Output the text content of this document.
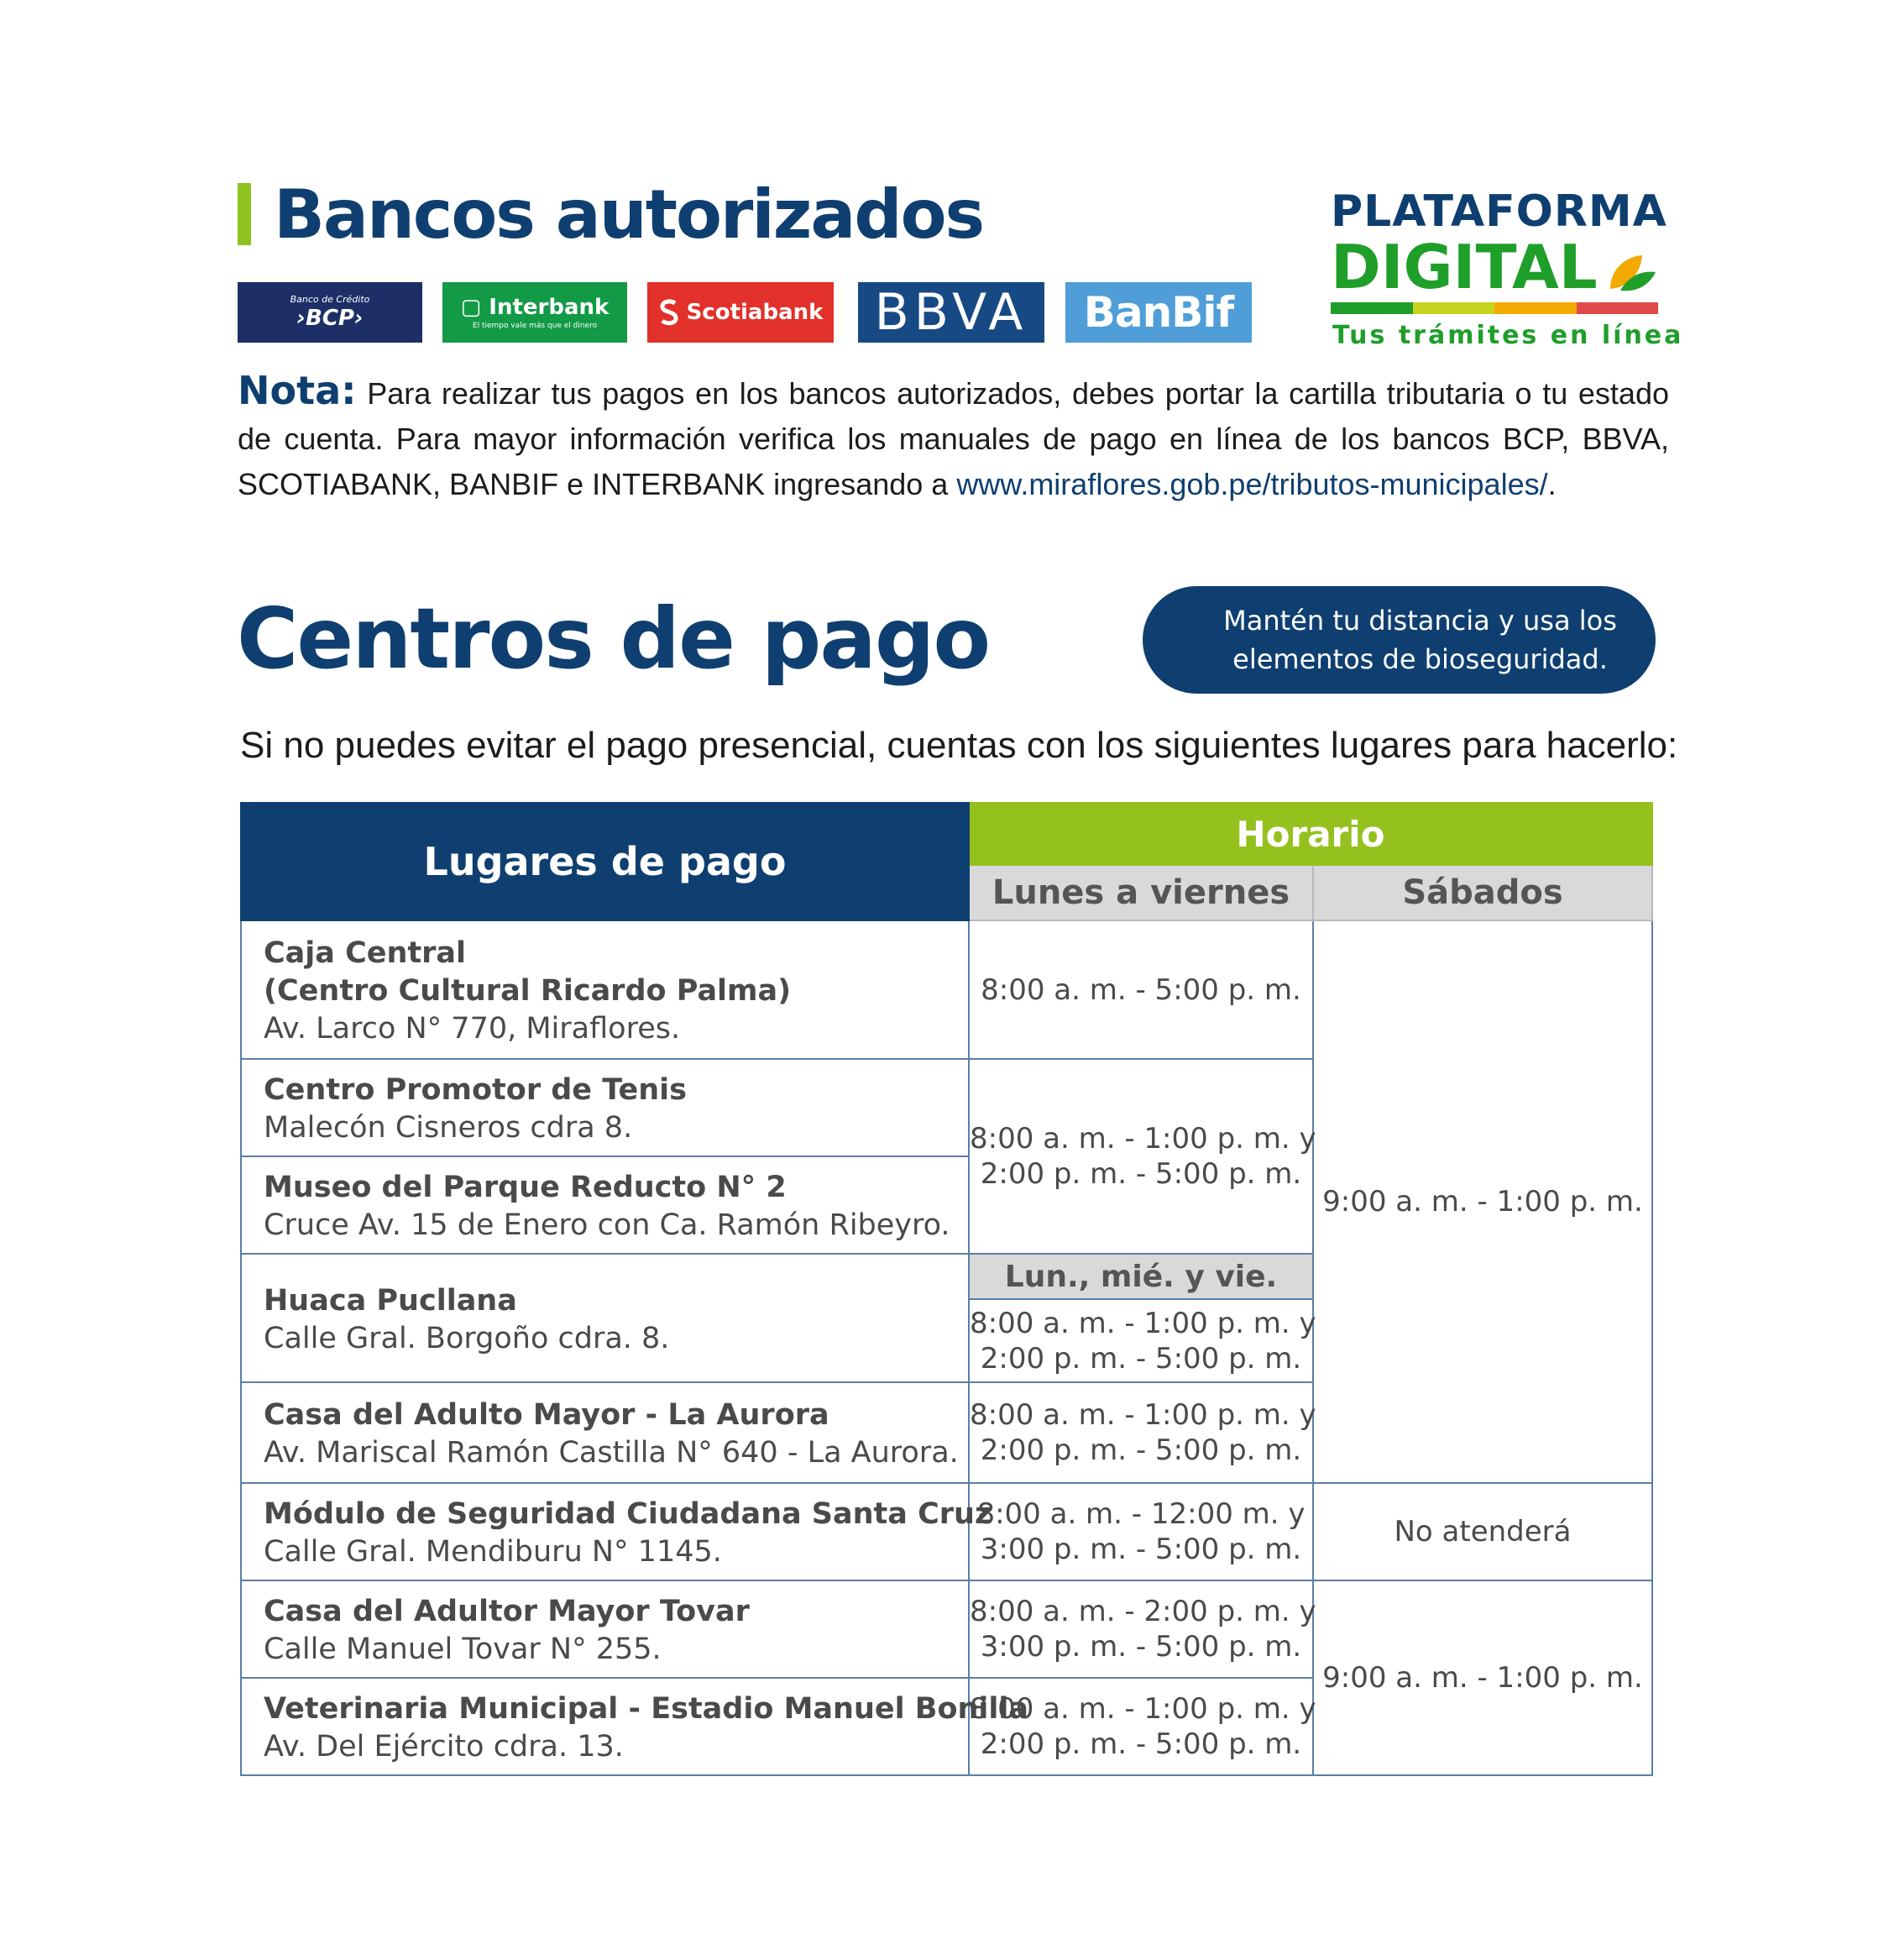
Bancos autorizados	PLATAFORMA
DIGITAL
Tus trámites en línea
Banco de Crédito
›BCP›	▢ Interbank
El tiempo vale más que el dinero
Scotiabank	BBVA	BanBif

Nota: Para realizar tus pagos en los bancos autorizados, debes portar la cartilla tributaria o tu estado de cuenta. Para mayor información verifica los manuales de pago en línea de los bancos BCP, BBVA, SCOTIABANK, BANBIF e INTERBANK ingresando a www.miraflores.gob.pe/tributos-municipales/.

Centros de pago	Mantén tu distancia y usa los elementos de bioseguridad.

Si no puedes evitar el pago presencial, cuentas con los siguientes lugares para hacerlo:

Lugares de pago	Horario	
	Lunes a viernes	Sábados

Caja Central
(Centro Cultural Ricardo Palma)
Av. Larco N° 770, Miraflores.	8:00 a. m. - 5:00 p. m.	9:00 a. m. - 1:00 p. m.

Centro Promotor de Tenis
Malecón Cisneros cdra 8.	8:00 a. m. - 1:00 p. m. y
2:00 p. m. - 5:00 p. m.	

Museo del Parque Reducto N° 2
Cruce Av. 15 de Enero con Ca. Ramón Ribeyro.		

Huaca Pucllana
Calle Gral. Borgoño cdra. 8.	Lun., mié. y vie.	

	8:00 a. m. - 1:00 p. m. y
2:00 p. m. - 5:00 p. m.	

Casa del Adulto Mayor - La Aurora
Av. Mariscal Ramón Castilla N° 640 - La Aurora.	8:00 a. m. - 1:00 p. m. y
2:00 p. m. - 5:00 p. m.	

Módulo de Seguridad Ciudadana Santa Cruz
Calle Gral. Mendiburu N° 1145.	8:00 a. m. - 12:00 m. y
3:00 p. m. - 5:00 p. m.	No atenderá

Casa del Adultor Mayor Tovar
Calle Manuel Tovar N° 255.	8:00 a. m. - 2:00 p. m. y
3:00 p. m. - 5:00 p. m.	9:00 a. m. - 1:00 p. m.

Veterinaria Municipal - Estadio Manuel Bonilla
Av. Del Ejército cdra. 13.	8:00 a. m. - 1:00 p. m. y
2:00 p. m. - 5:00 p. m.	
